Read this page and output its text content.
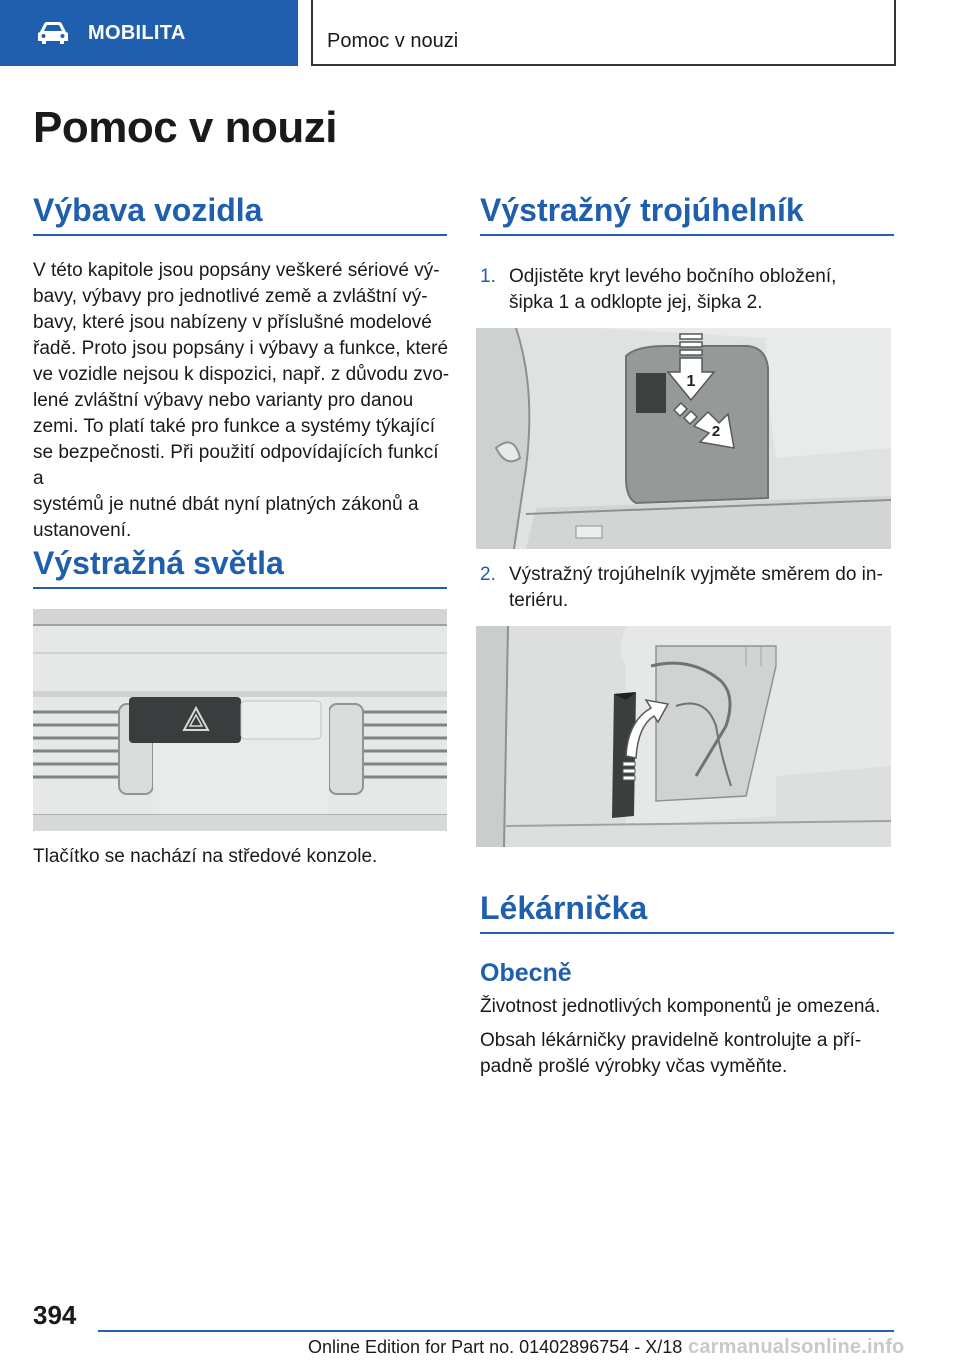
MOBILITA	Pomoc v nouzi
Pomoc v nouzi
Výbava vozidla
V této kapitole jsou popsány veškeré sériové vý‐
bavy, výbavy pro jednotlivé země a zvláštní vý‐
bavy, které jsou nabízeny v příslušné modelové
řadě. Proto jsou popsány i výbavy a funkce, které
ve vozidle nejsou k dispozici, např. z důvodu zvo‐
lené zvláštní výbavy nebo varianty pro danou
zemi. To platí také pro funkce a systémy týkající
se bezpečnosti. Při použití odpovídajících funkcí a
systémů je nutné dbát nyní platných zákonů a
ustanovení.
Výstražná světla
Tlačítko se nachází na středové konzole.
Výstražný trojúhelník
1. Odjistěte kryt levého bočního obložení,
šipka 1 a odklopte jej, šipka 2.
1
2
2. Výstražný trojúhelník vyjměte směrem do in‐
teriéru.
Lékárnička
Obecně
Životnost jednotlivých komponentů je omezená.
Obsah lékárničky pravidelně kontrolujte a pří‐
padně prošlé výrobky včas vyměňte.
394
Online Edition for Part no. 01402896754 - X/18 carmanualsonline.info
